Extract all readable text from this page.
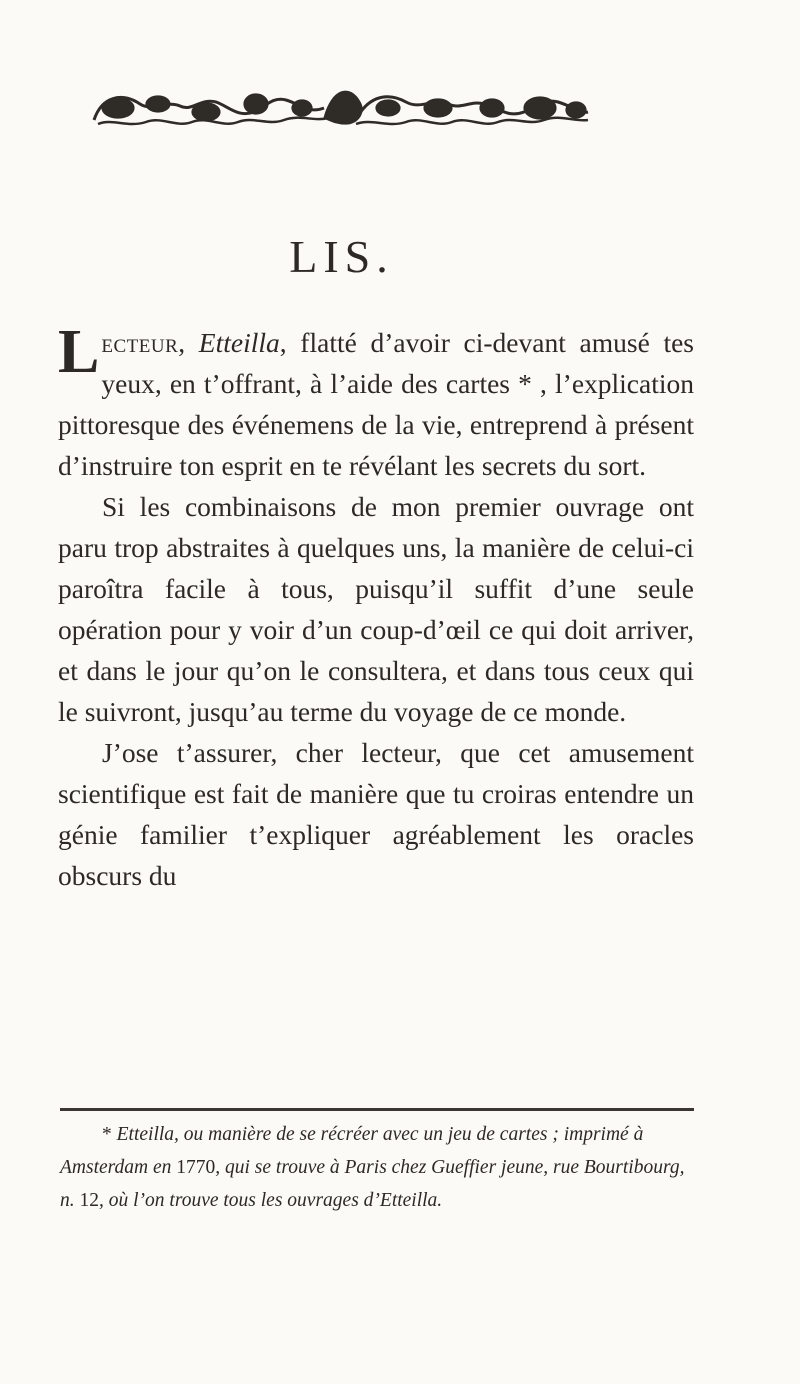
LIS.

Lecteur, Etteilla, flatté d’avoir ci-devant amusé tes yeux, en t’offrant, à l’aide des cartes * , l’explication pittoresque des événemens de la vie, entreprend à présent d’instruire ton esprit en te révélant les secrets du sort.

Si les combinaisons de mon premier ouvrage ont paru trop abstraites à quelques uns, la manière de celui-ci paroîtra facile à tous, puisqu’il suffit d’une seule opération pour y voir d’un coup-d’œil ce qui doit arriver, et dans le jour qu’on le consultera, et dans tous ceux qui le suivront, jusqu’au terme du voyage de ce monde.

J’ose t’assurer, cher lecteur, que cet amusement scientifique est fait de manière que tu croiras entendre un génie familier t’expliquer agréablement les oracles obscurs du

* Etteilla, ou manière de se récréer avec un jeu de cartes ; imprimé à Amsterdam en 1770, qui se trouve à Paris chez Gueffier jeune, rue Bourtibourg, n. 12, où l’on trouve tous les ouvrages d’Etteilla.
